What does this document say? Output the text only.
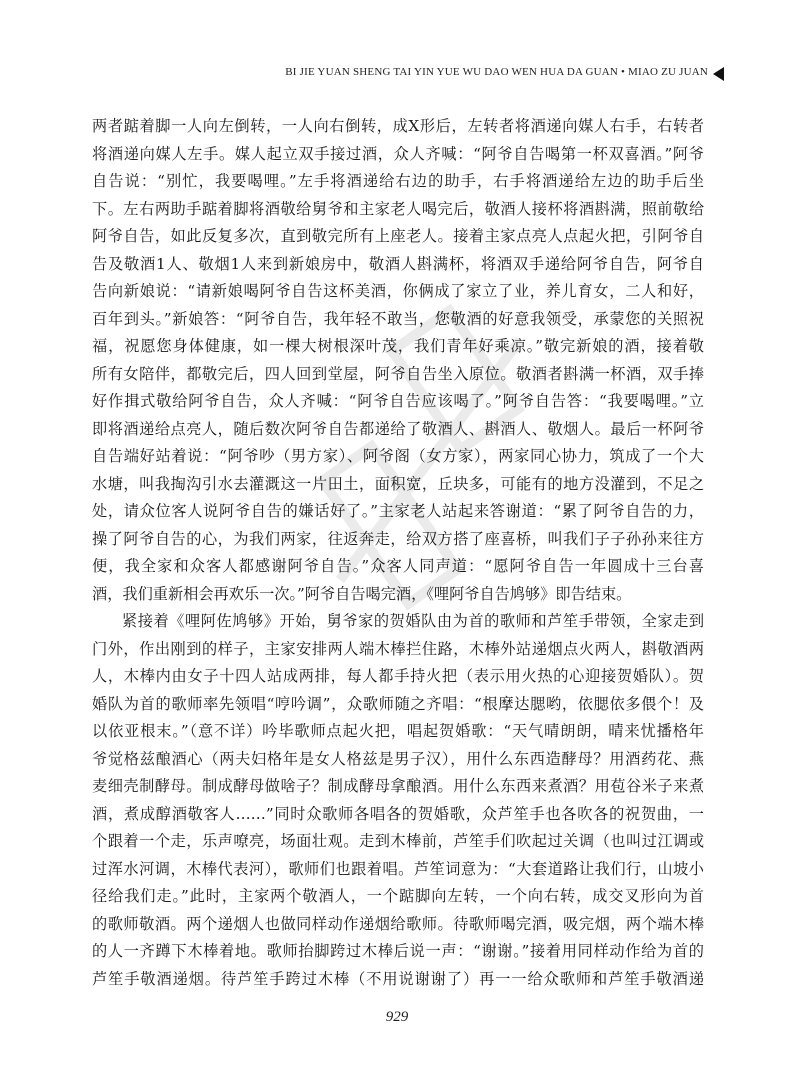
BI JIE YUAN SHENG TAI YIN YUE WU DAO WEN HUA DA GUAN • MIAO ZU JUAN
两者踮着脚一人向左倒转，一人向右倒转，成X形后，左转者将酒递向媒人右手，右转者
将酒递向媒人左手。媒人起立双手接过酒，众人齐喊：“阿爷自告喝第一杯双喜酒。”阿爷
自告说：“别忙，我要喝哩。”左手将酒递给右边的助手，右手将酒递给左边的助手后坐
下。左右两助手踮着脚将酒敬给舅爷和主家老人喝完后，敬酒人接杯将酒斟满，照前敬给
阿爷自告，如此反复多次，直到敬完所有上座老人。接着主家点亮人点起火把，引阿爷自
告及敬酒1人、敬烟1人来到新娘房中，敬酒人斟满杯，将酒双手递给阿爷自告，阿爷自
告向新娘说：“请新娘喝阿爷自告这杯美酒，你俩成了家立了业，养儿育女，二人和好，
百年到头。”新娘答：“阿爷自告，我年轻不敢当，您敬酒的好意我领受，承蒙您的关照祝
福，祝愿您身体健康，如一棵大树根深叶茂，我们青年好乘凉。”敬完新娘的酒，接着敬
所有女陪伴，都敬完后，四人回到堂屋，阿爷自告坐入原位。敬酒者斟满一杯酒，双手捧
好作揖式敬给阿爷自告，众人齐喊：“阿爷自告应该喝了。”阿爷自告答：“我要喝哩。”立
即将酒递给点亮人，随后数次阿爷自告都递给了敬酒人、斟酒人、敬烟人。最后一杯阿爷
自告端好站着说：“阿爷吵（男方家）、阿爷阁（女方家），两家同心协力，筑成了一个大
水塘，叫我掏沟引水去灌溉这一片田土，面积宽，丘块多，可能有的地方没灌到，不足之
处，请众位客人说阿爷自告的嫌话好了。”主家老人站起来答谢道：“累了阿爷自告的力，
操了阿爷自告的心，为我们两家，往返奔走，给双方搭了座喜桥，叫我们子子孙孙来往方
便，我全家和众客人都感谢阿爷自告。”众客人同声道：“愿阿爷自告一年圆成十三台喜
酒，我们重新相会再欢乐一次。”阿爷自告喝完酒，《哩阿爷自告鸠够》即告结束。
紧接着《哩阿佐鸠够》开始，舅爷家的贺婚队由为首的歌师和芦笙手带领，全家走到
门外，作出刚到的样子，主家安排两人端木棒拦住路，木棒外站递烟点火两人，斟敬酒两
人，木棒内由女子十四人站成两排，每人都手持火把（表示用火热的心迎接贺婚队）。贺
婚队为首的歌师率先领唱“哼吟调”，众歌师随之齐唱：“根摩达腮哟，依腮依多偎个！及
以依亚根末。”（意不详）吟毕歌师点起火把，唱起贺婚歌：“天气晴朗朗，晴来忧播格年
爷觉格兹酿酒心（两夫妇格年是女人格兹是男子汉），用什么东西造酵母？用酒药花、燕
麦细壳制酵母。制成酵母做啥子？制成酵母拿酿酒。用什么东西来煮酒？用苞谷米子来煮
酒，煮成醇酒敬客人……”同时众歌师各唱各的贺婚歌，众芦笙手也各吹各的祝贺曲，一
个跟着一个走，乐声嘹亮，场面壮观。走到木棒前，芦笙手们吹起过关调（也叫过江调或
过浑水河调，木棒代表河），歌师们也跟着唱。芦笙词意为：“大套道路让我们行，山坡小
径给我们走。”此时，主家两个敬酒人，一个踮脚向左转，一个向右转，成交叉形向为首
的歌师敬酒。两个递烟人也做同样动作递烟给歌师。待歌师喝完酒，吸完烟，两个端木棒
的人一齐蹲下木棒着地。歌师抬脚跨过木棒后说一声：“谢谢。”接着用同样动作给为首的
芦笙手敬酒递烟。待芦笙手跨过木棒（不用说谢谢了）再一一给众歌师和芦笙手敬酒递
929
